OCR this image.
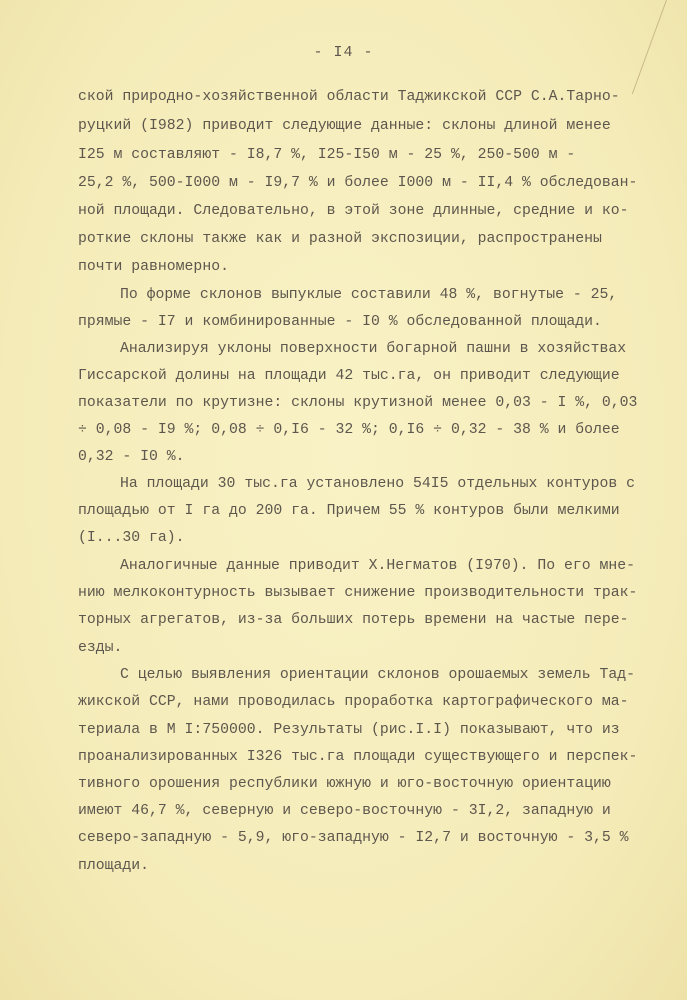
- I4 -
ской природно-хозяйственной области Таджикской ССР С.А.Тарно-
руцкий (I982) приводит следующие данные: склоны длиной менее
I25 м составляют - I8,7 %, I25-I50 м - 25 %, 250-500 м -
25,2 %, 500-I000 м - I9,7 % и более I000 м - II,4 % обследован-
ной площади. Следовательно, в этой зоне длинные, средние и ко-
роткие склоны также как и разной экспозиции, распространены
почти равномерно.
По форме склонов выпуклые составили 48 %, вогнутые - 25,
прямые - I7 и комбинированные - I0 % обследованной площади.
Анализируя уклоны поверхности богарной пашни в хозяйствах
Гиссарской долины на площади 42 тыс.га, он приводит следующие
показатели по крутизне: склоны крутизной менее 0,03 - I %, 0,03
÷ 0,08 - I9 %; 0,08 ÷ 0,I6 - 32 %; 0,I6 ÷ 0,32 - 38 % и более
0,32 - I0 %.
На площади 30 тыс.га установлено 54I5 отдельных контуров с
площадью от I га до 200 га. Причем 55 % контуров были мелкими
(I...30 га).
Аналогичные данные приводит Х.Негматов (I970). По его мне-
нию мелкоконтурность вызывает снижение производительности трак-
торных агрегатов, из-за больших потерь времени на частые пере-
езды.
С целью выявления ориентации склонов орошаемых земель Тад-
жикской ССР, нами проводилась проработка картографического ма-
териала в М I:750000. Результаты (рис.I.I) показывают, что из
проанализированных I326 тыс.га площади существующего и перспек-
тивного орошения республики южную и юго-восточную ориентацию
имеют 46,7 %, северную и северо-восточную - 3I,2, западную и
северо-западную - 5,9, юго-западную - I2,7 и восточную - 3,5 %
площади.
